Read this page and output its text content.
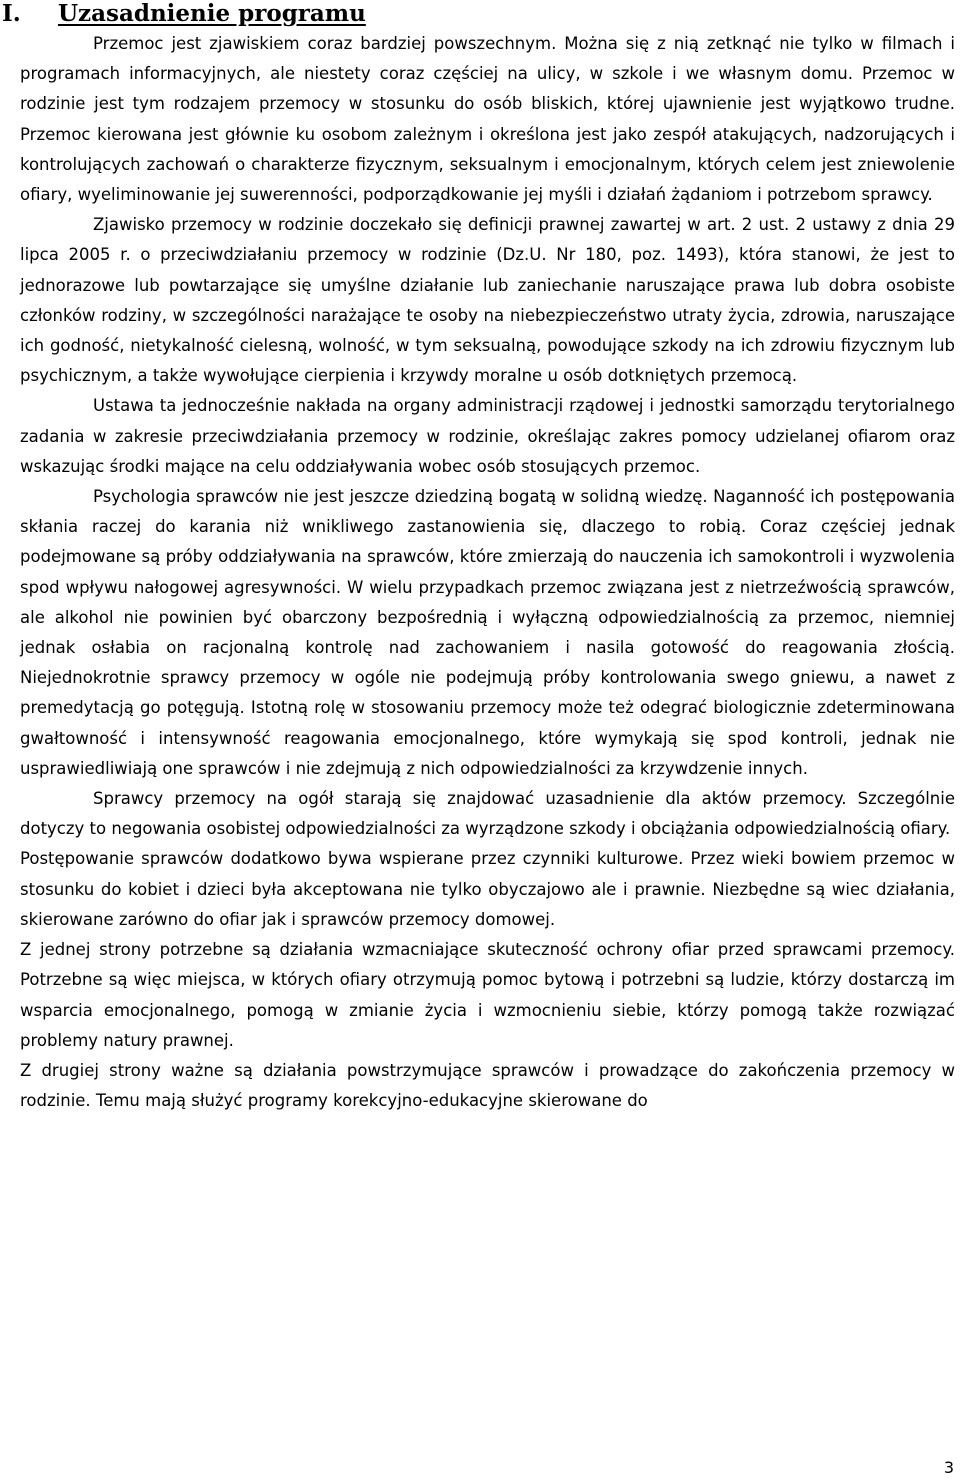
I. Uzasadnienie programu

Przemoc jest zjawiskiem coraz bardziej powszechnym. Można się z nią zetknąć nie tylko w filmach i programach informacyjnych, ale niestety coraz częściej na ulicy, w szkole i we własnym domu. Przemoc w rodzinie jest tym rodzajem przemocy w stosunku do osób bliskich, której ujawnienie jest wyjątkowo trudne. Przemoc kierowana jest głównie ku osobom zależnym i określona jest jako zespół atakujących, nadzorujących i kontrolujących zachowań o charakterze fizycznym, seksualnym i emocjonalnym, których celem jest zniewolenie ofiary, wyeliminowanie jej suwerenności, podporządkowanie jej myśli i działań żądaniom i potrzebom sprawcy.

Zjawisko przemocy w rodzinie doczekało się definicji prawnej zawartej w art. 2 ust. 2 ustawy z dnia 29 lipca 2005 r. o przeciwdziałaniu przemocy w rodzinie (Dz.U. Nr 180, poz. 1493), która stanowi, że jest to jednorazowe lub powtarzające się umyślne działanie lub zaniechanie naruszające prawa lub dobra osobiste członków rodziny, w szczególności narażające te osoby na niebezpieczeństwo utraty życia, zdrowia, naruszające ich godność, nietykalność cielesną, wolność, w tym seksualną, powodujące szkody na ich zdrowiu fizycznym lub psychicznym, a także wywołujące cierpienia i krzywdy moralne u osób dotkniętych przemocą.

Ustawa ta jednocześnie nakłada na organy administracji rządowej i jednostki samorządu terytorialnego zadania w zakresie przeciwdziałania przemocy w rodzinie, określając zakres pomocy udzielanej ofiarom oraz wskazując środki mające na celu oddziaływania wobec osób stosujących przemoc.

Psychologia sprawców nie jest jeszcze dziedziną bogatą w solidną wiedzę. Naganność ich postępowania skłania raczej do karania niż wnikliwego zastanowienia się, dlaczego to robią. Coraz częściej jednak podejmowane są próby oddziaływania na sprawców, które zmierzają do nauczenia ich samokontroli i wyzwolenia spod wpływu nałogowej agresywności. W wielu przypadkach przemoc związana jest z nietrzeźwością sprawców, ale alkohol nie powinien być obarczony bezpośrednią i wyłączną odpowiedzialnością za przemoc, niemniej jednak osłabia on racjonalną kontrolę nad zachowaniem i nasila gotowość do reagowania złością. Niejednokrotnie sprawcy przemocy w ogóle nie podejmują próby kontrolowania swego gniewu, a nawet z premedytacją go potęgują. Istotną rolę w stosowaniu przemocy może też odegrać biologicznie zdeterminowana gwałtowność i intensywność reagowania emocjonalnego, które wymykają się spod kontroli, jednak nie usprawiedliwiają one sprawców i nie zdejmują z nich odpowiedzialności za krzywdzenie innych.

Sprawcy przemocy na ogół starają się znajdować uzasadnienie dla aktów przemocy. Szczególnie dotyczy to negowania osobistej odpowiedzialności za wyrządzone szkody i obciążania odpowiedzialnością ofiary.

Postępowanie sprawców dodatkowo bywa wspierane przez czynniki kulturowe. Przez wieki bowiem przemoc w stosunku do kobiet i dzieci była akceptowana nie tylko obyczajowo ale i prawnie. Niezbędne są wiec działania, skierowane zarówno do ofiar jak i sprawców przemocy domowej.

Z jednej strony potrzebne są działania wzmacniające skuteczność ochrony ofiar przed sprawcami przemocy. Potrzebne są więc miejsca, w których ofiary otrzymują pomoc bytową i potrzebni są ludzie, którzy dostarczą im wsparcia emocjonalnego, pomogą w zmianie życia i wzmocnieniu siebie, którzy pomogą także rozwiązać problemy natury prawnej.

Z drugiej strony ważne są działania powstrzymujące sprawców i prowadzące do zakończenia przemocy w rodzinie. Temu mają służyć programy korekcyjno-edukacyjne skierowane do

3
